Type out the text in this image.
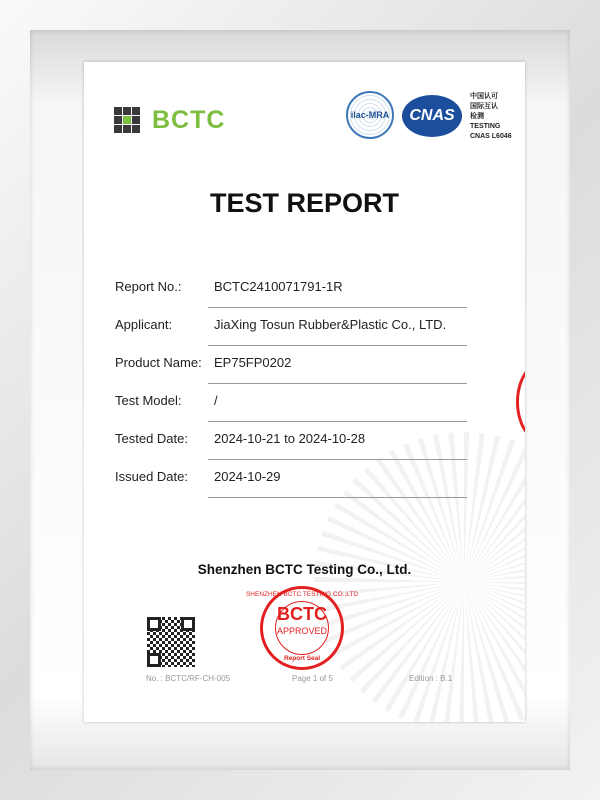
BCTC	ilac-MRA	CNAS
中国认可
国际互认
检测
TESTING
CNAS L6046
TEST REPORT
Report No.:	BCTC2410071791-1R
Applicant:	JiaXing Tosun Rubber&Plastic Co., LTD.
Product Name: EP75FP0202
Test Model:	/
Tested Date: 2024-10-21 to 2024-10-28
Issued Date: 2024-10-29
Shenzhen BCTC Testing Co., Ltd.
SHENZHEN BCTC TESTING CO.,LTD
BCTC
APPROVED
Report Seal
No. : BCTC/RF-CH-005	Page 1 of 5	Edition : B.1
